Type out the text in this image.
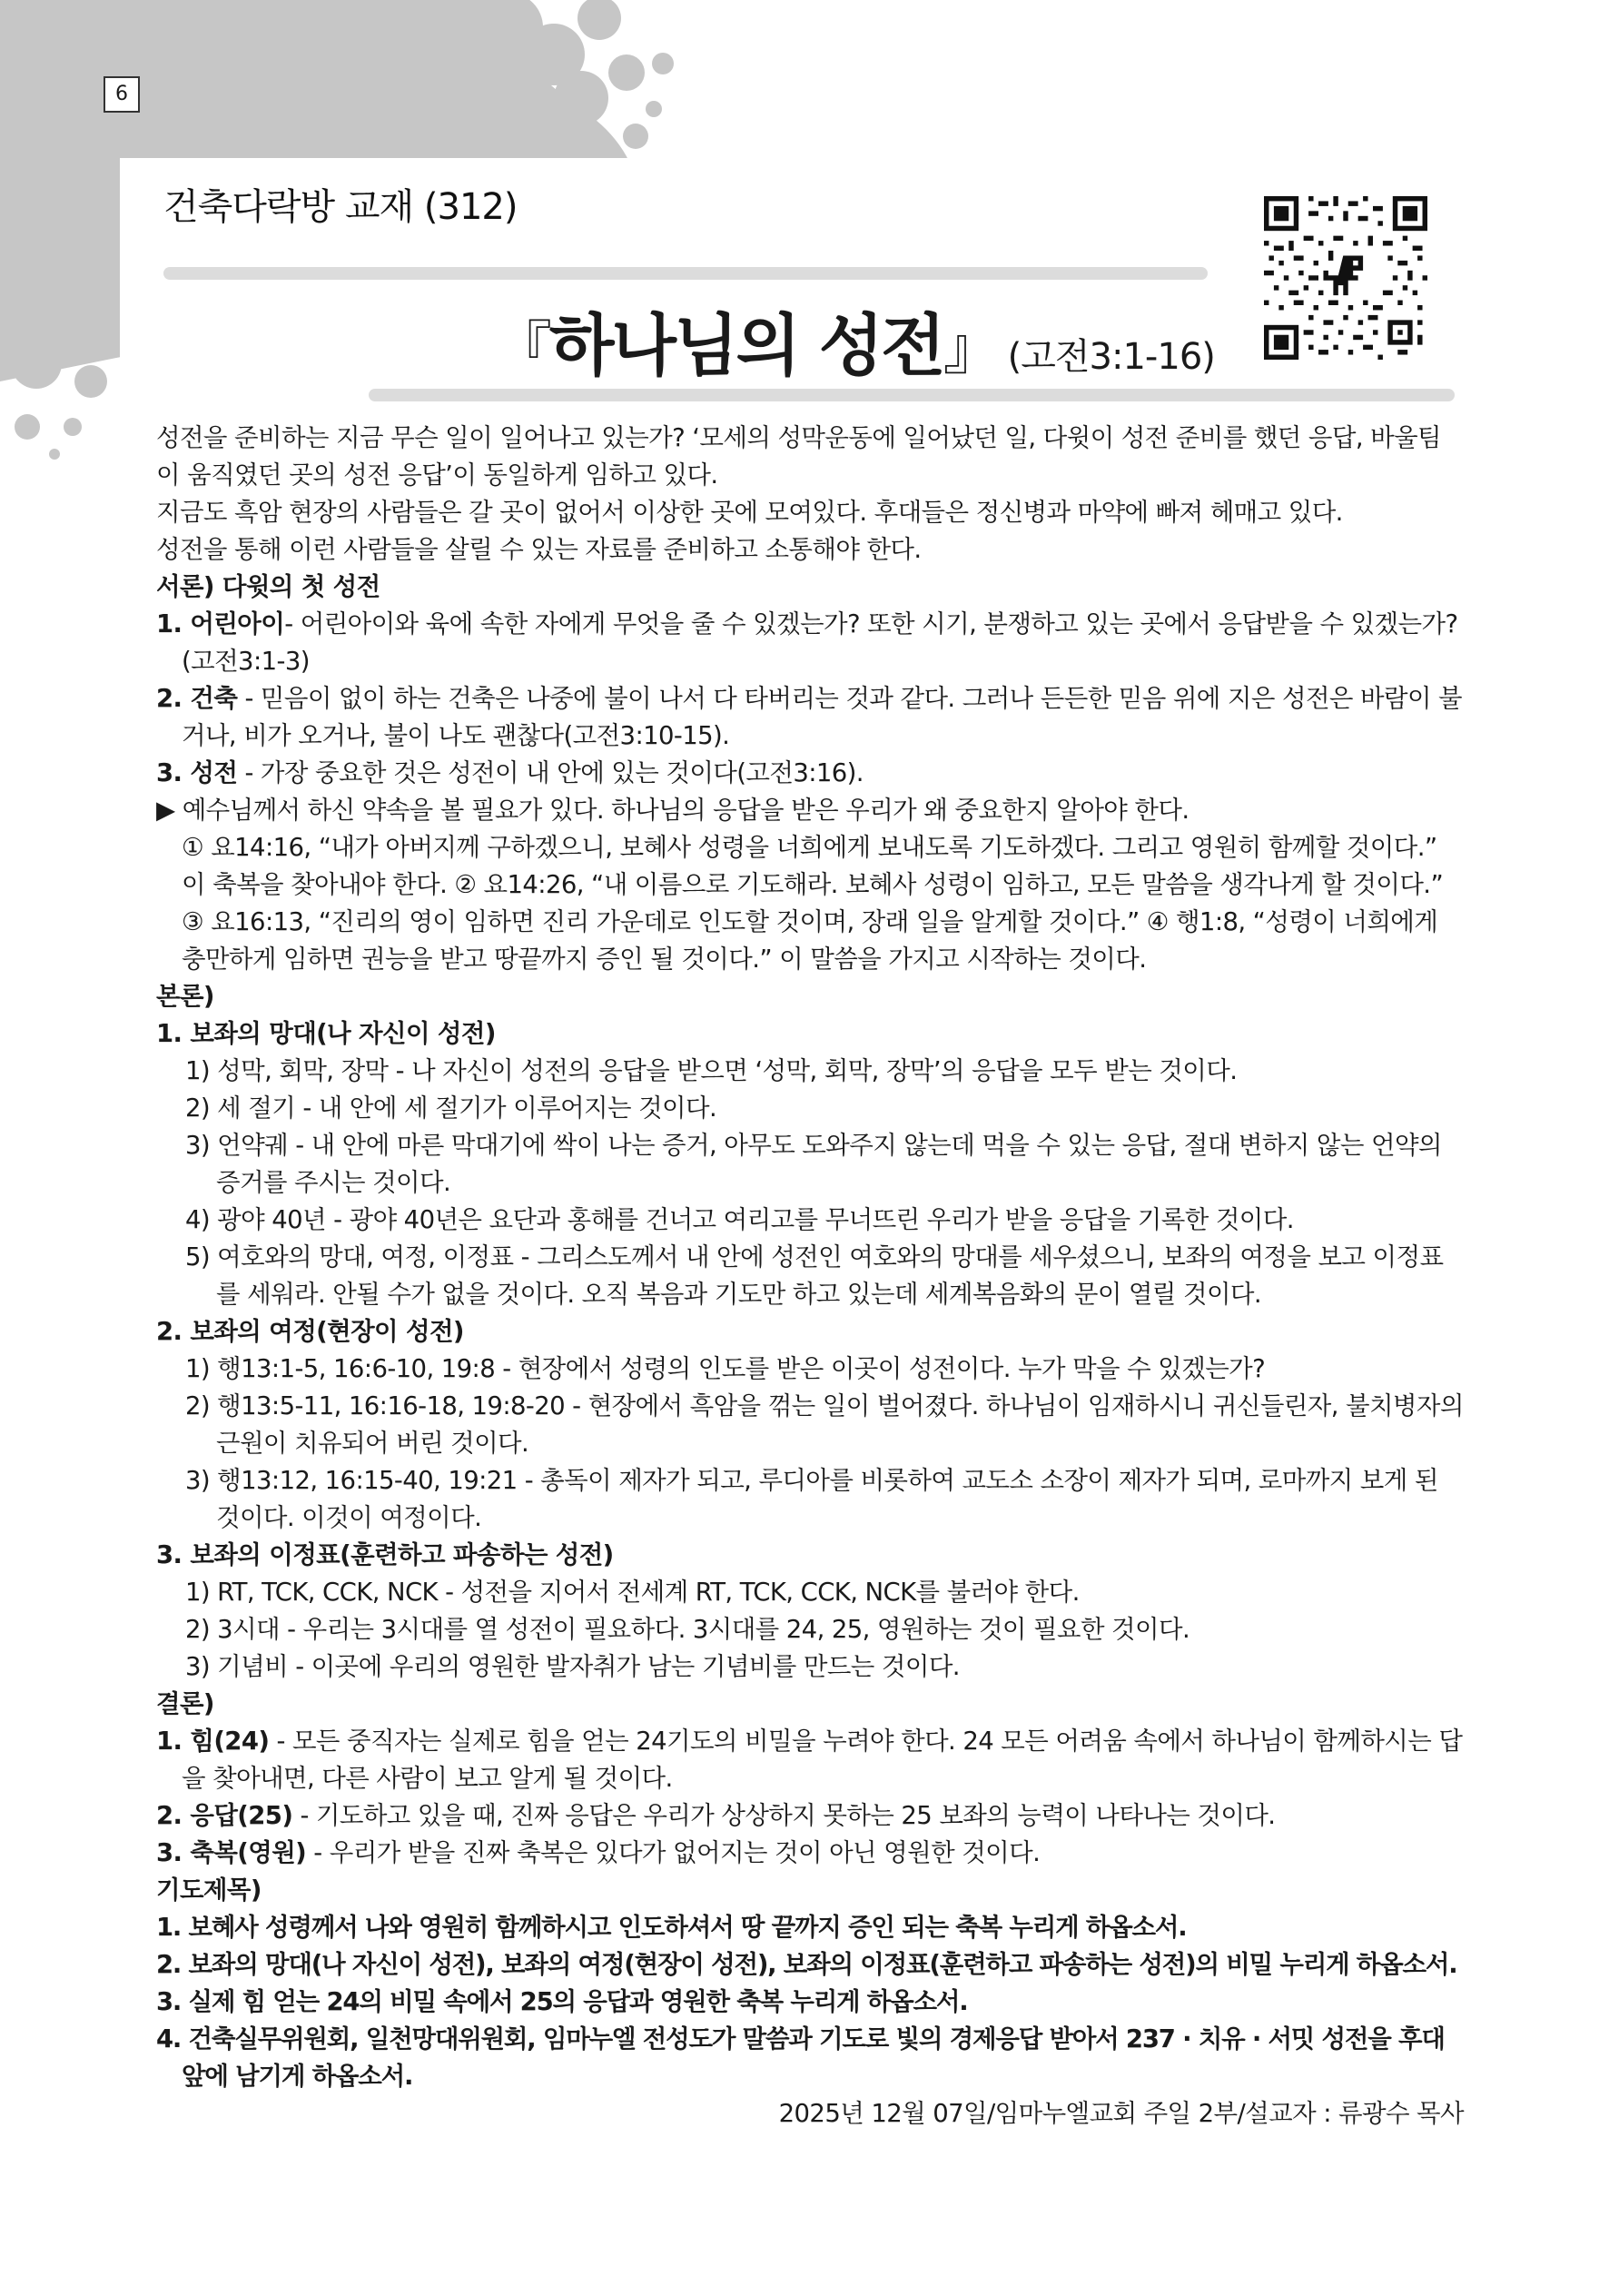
6
건축다락방 교재 (312)
『하나님의 성전』 (고전3:1-16)

성전을 준비하는 지금 무슨 일이 일어나고 있는가? ‘모세의 성막운동에 일어났던 일, 다윗이 성전 준비를 했던 응답, 바울팀이 움직였던 곳의 성전 응답’이 동일하게 임하고 있다.

지금도 흑암 현장의 사람들은 갈 곳이 없어서 이상한 곳에 모여있다. 후대들은 정신병과 마약에 빠져 헤매고 있다.

성전을 통해 이런 사람들을 살릴 수 있는 자료를 준비하고 소통해야 한다.

서론) 다윗의 첫 성전

1. 어린아이- 어린아이와 육에 속한 자에게 무엇을 줄 수 있겠는가? 또한 시기, 분쟁하고 있는 곳에서 응답받을 수 있겠는가?(고전3:1-3)

2. 건축 - 믿음이 없이 하는 건축은 나중에 불이 나서 다 타버리는 것과 같다. 그러나 든든한 믿음 위에 지은 성전은 바람이 불거나, 비가 오거나, 불이 나도 괜찮다(고전3:10-15).

3. 성전 - 가장 중요한 것은 성전이 내 안에 있는 것이다(고전3:16).

▶ 예수님께서 하신 약속을 볼 필요가 있다. 하나님의 응답을 받은 우리가 왜 중요한지 알아야 한다.

① 요14:16, “내가 아버지께 구하겠으니, 보혜사 성령을 너희에게 보내도록 기도하겠다. 그리고 영원히 함께할 것이다.” 이 축복을 찾아내야 한다. ② 요14:26, “내 이름으로 기도해라. 보혜사 성령이 임하고, 모든 말씀을 생각나게 할 것이다.” ③ 요16:13, “진리의 영이 임하면 진리 가운데로 인도할 것이며, 장래 일을 알게할 것이다.” ④ 행1:8, “성령이 너희에게 충만하게 임하면 권능을 받고 땅끝까지 증인 될 것이다.” 이 말씀을 가지고 시작하는 것이다.

본론)

1. 보좌의 망대(나 자신이 성전)

1) 성막, 회막, 장막 - 나 자신이 성전의 응답을 받으면 ‘성막, 회막, 장막’의 응답을 모두 받는 것이다.

2) 세 절기 - 내 안에 세 절기가 이루어지는 것이다.

3) 언약궤 - 내 안에 마른 막대기에 싹이 나는 증거, 아무도 도와주지 않는데 먹을 수 있는 응답, 절대 변하지 않는 언약의 증거를 주시는 것이다.

4) 광야 40년 - 광야 40년은 요단과 홍해를 건너고 여리고를 무너뜨린 우리가 받을 응답을 기록한 것이다.

5) 여호와의 망대, 여정, 이정표 - 그리스도께서 내 안에 성전인 여호와의 망대를 세우셨으니, 보좌의 여정을 보고 이정표를 세워라. 안될 수가 없을 것이다. 오직 복음과 기도만 하고 있는데 세계복음화의 문이 열릴 것이다.

2. 보좌의 여정(현장이 성전)

1) 행13:1-5, 16:6-10, 19:8 - 현장에서 성령의 인도를 받은 이곳이 성전이다. 누가 막을 수 있겠는가?

2) 행13:5-11, 16:16-18, 19:8-20 - 현장에서 흑암을 꺾는 일이 벌어졌다. 하나님이 임재하시니 귀신들린자, 불치병자의 근원이 치유되어 버린 것이다.

3) 행13:12, 16:15-40, 19:21 - 총독이 제자가 되고, 루디아를 비롯하여 교도소 소장이 제자가 되며, 로마까지 보게 된 것이다. 이것이 여정이다.

3. 보좌의 이정표(훈련하고 파송하는 성전)

1) RT, TCK, CCK, NCK - 성전을 지어서 전세계 RT, TCK, CCK, NCK를 불러야 한다.

2) 3시대 - 우리는 3시대를 열 성전이 필요하다. 3시대를 24, 25, 영원하는 것이 필요한 것이다.

3) 기념비 - 이곳에 우리의 영원한 발자취가 남는 기념비를 만드는 것이다.

결론)

1. 힘(24) - 모든 중직자는 실제로 힘을 얻는 24기도의 비밀을 누려야 한다. 24 모든 어려움 속에서 하나님이 함께하시는 답을 찾아내면, 다른 사람이 보고 알게 될 것이다.

2. 응답(25) - 기도하고 있을 때, 진짜 응답은 우리가 상상하지 못하는 25 보좌의 능력이 나타나는 것이다.

3. 축복(영원) - 우리가 받을 진짜 축복은 있다가 없어지는 것이 아닌 영원한 것이다.

기도제목)

1. 보혜사 성령께서 나와 영원히 함께하시고 인도하셔서 땅 끝까지 증인 되는 축복 누리게 하옵소서.

2. 보좌의 망대(나 자신이 성전), 보좌의 여정(현장이 성전), 보좌의 이정표(훈련하고 파송하는 성전)의 비밀 누리게 하옵소서.

3. 실제 힘 얻는 24의 비밀 속에서 25의 응답과 영원한 축복 누리게 하옵소서.

4. 건축실무위원회, 일천망대위원회, 임마누엘 전성도가 말씀과 기도로 빛의 경제응답 받아서 237 · 치유 · 서밋 성전을 후대 앞에 남기게 하옵소서.

2025년 12월 07일/임마누엘교회 주일 2부/설교자 : 류광수 목사
